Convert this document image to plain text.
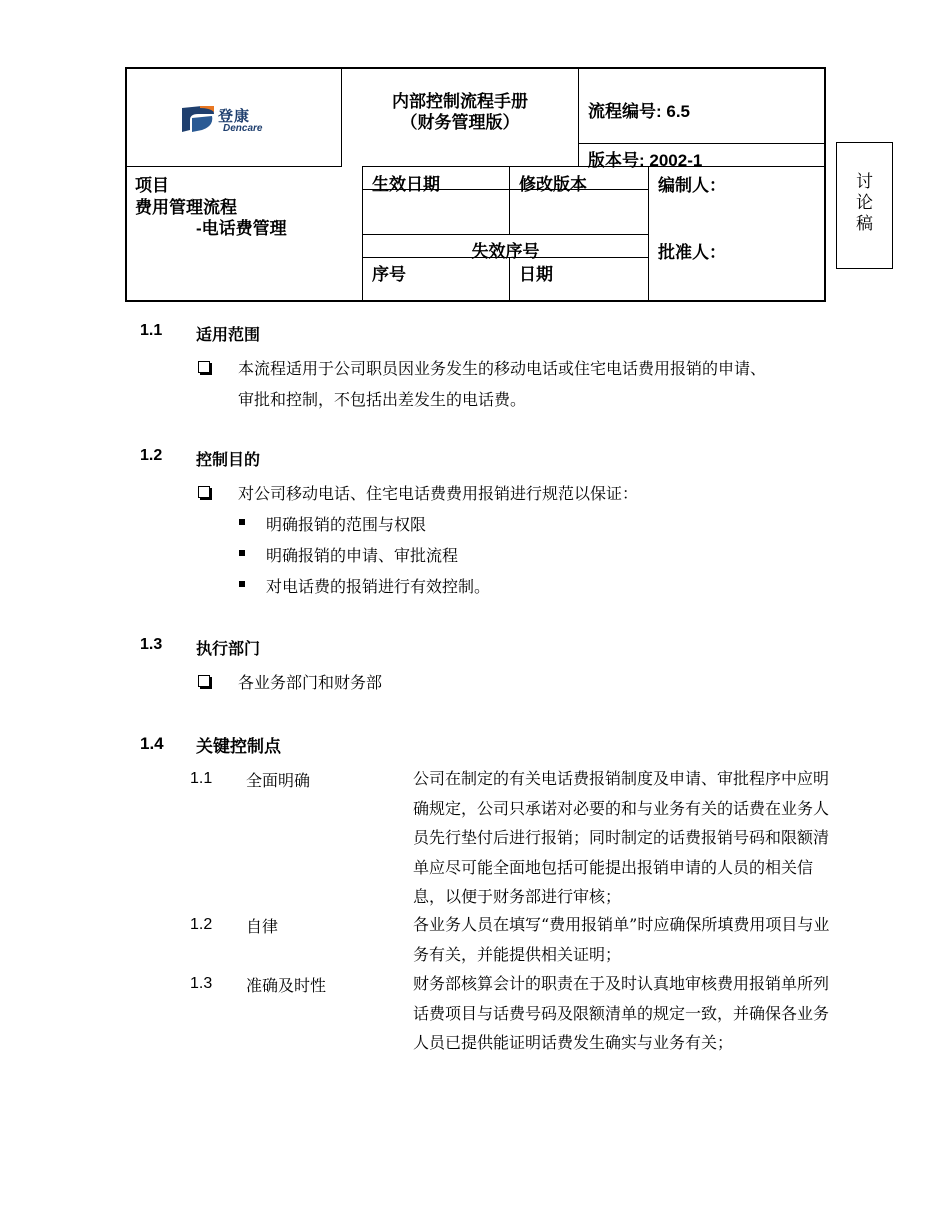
登康
Dencare
内部控制流程手册
（财务管理版）
流程编号: 6.5
版本号: 2002-1
项目
费用管理流程
-电话费管理
生效日期	修改版本
失效序号
序号	日期
编制人：
批准人：
讨
论
稿
1.1 适用范围
本流程适用于公司职员因业务发生的移动电话或住宅电话费用报销的申请、
审批和控制，不包括出差发生的电话费。
1.2 控制目的
对公司移动电话、住宅电话费费用报销进行规范以保证：
明确报销的范围与权限
明确报销的申请、审批流程
对电话费的报销进行有效控制。
1.3 执行部门
各业务部门和财务部
1.4 关键控制点
1.1 全面明确	公司在制定的有关电话费报销制度及申请、审批程序中应明确规定，公司只承诺对必要的和与业务有关的话费在业务人员先行垫付后进行报销；同时制定的话费报销号码和限额清单应尽可能全面地包括可能提出报销申请的人员的相关信息，以便于财务部进行审核；
1.2 自律	各业务人员在填写“费用报销单”时应确保所填费用项目与业务有关，并能提供相关证明；
1.3 准确及时性	财务部核算会计的职责在于及时认真地审核费用报销单所列话费项目与话费号码及限额清单的规定一致，并确保各业务人员已提供能证明话费发生确实与业务有关；
